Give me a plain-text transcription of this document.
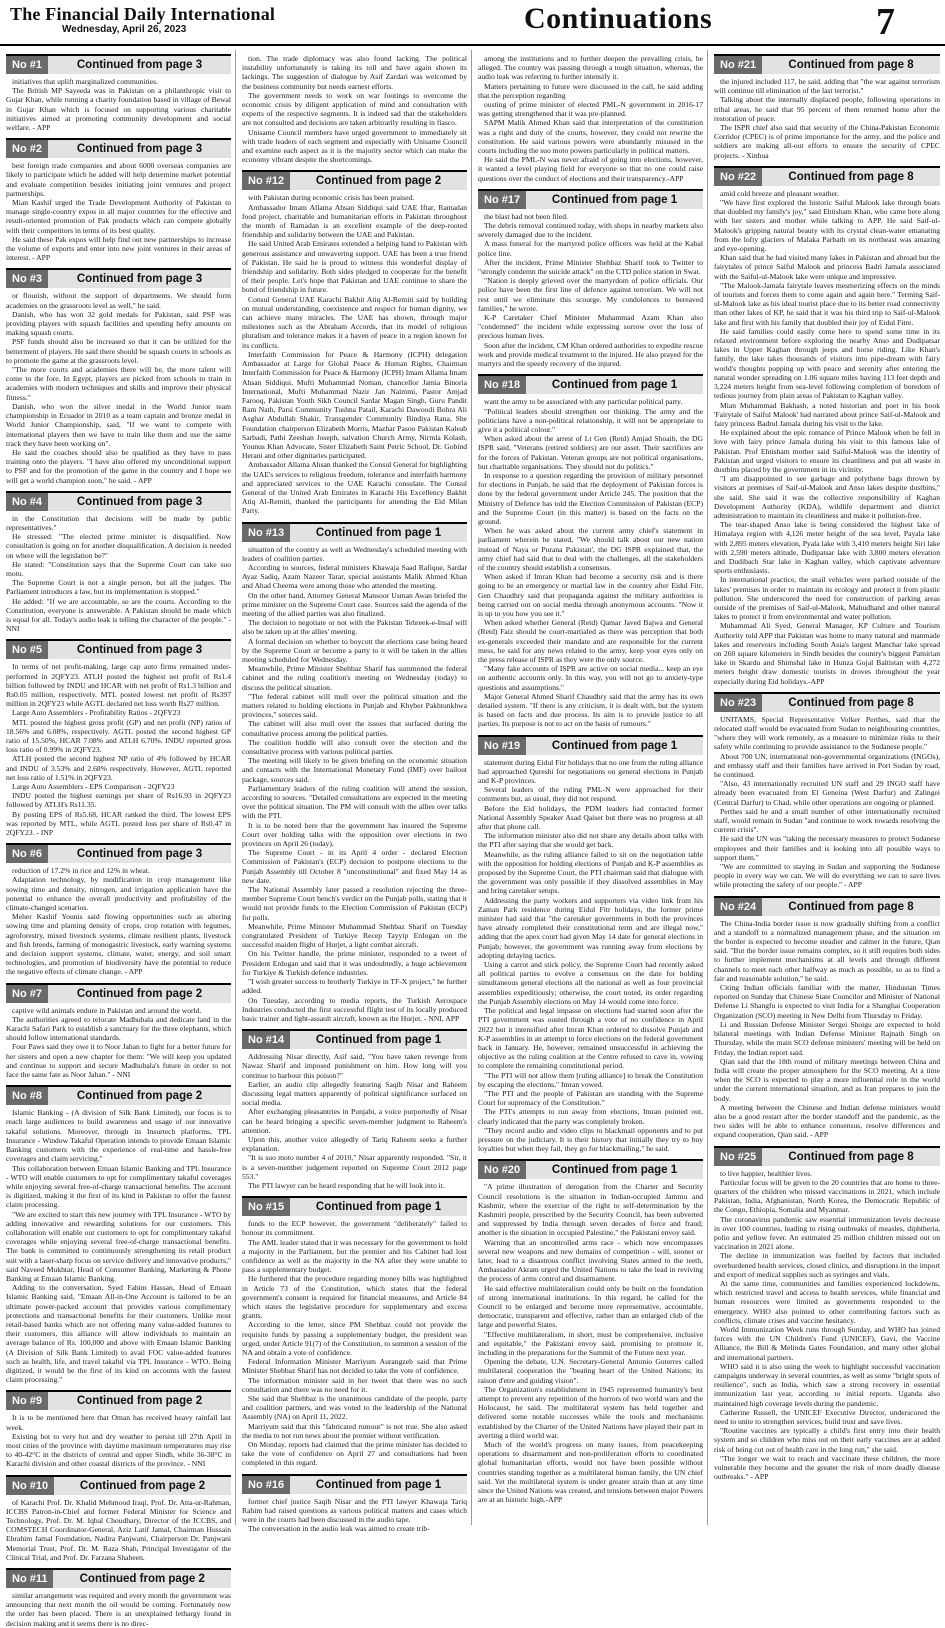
The Financial Daily International
Wednesday, April 26, 2023	Continuations	7
No #1	Continued from page 3

initiatives that uplift marginalized communities.

The British MP Sayeeda was in Pakistan on a philanthropic visit to Gujar Khan, while running a charity foundation based in village of Bewal in Gujar Khan which is focused on supporting various charitable initiatives aimed at promoting community development and social welfare. - APP

No #2	Continued from page 3

best foreign trade companies and about 6000 overseas companies are likely to participate which he added will help determine market potential and evaluate competition besides initiating joint ventures and project partnerships.

Mian Kashif urged the Trade Development Authority of Pakistan to manage single-country expos in all major countries for the effective and result-oriented promotion of Pak products which can compete globally with their competitors in terms of its best quality.

He said these Pak expos will help find out new partnerships to increase the volume of exports and enter into new joint ventures in their areas of interest. - APP

No #3	Continued from page 3

or flourish, without the support of departments. We should form academies on the grassroots level as well," he said.

Danish, who has won 32 gold medals for Pakistan, said PSF was providing players with squash facilities and spending hefty amounts on making squash courts.

PSF funds should also be increased so that it can be utilized for the betterment of players. He said there should be squash courts in schools as to promote the game at the grassroots level.

"The more courts and academies there will be, the more talent will come to the fore. In Egypt, players are picked from schools to train in academies with modern techniques and skills and improve their physical fitness."

Danish, who won the silver medal in the World Junior team championship in Ecuador in 2010 as a team captain and bronze medal in World Junior Championship, said, "If we want to compete with international players then we have to train like them and use the same track they have been working on".

He said the coaches should also be qualified as they have to pass training onto the players. "I have also offered my unconditional support to PSF and for the promotion of the game in the country and I hope we will get a world champion soon," he said. - APP

No #4	Continued from page 3

in the Constitution that decisions will be made by public representatives."

He stressed: "The elected prime minister is disqualified. Now consultation is going on for another disqualification. A decision is needed on where will the legislation be?"

He stated: "Constitution says that the Supreme Court can take suo motu.

The Supreme Court is not a single person, but all the judges. The Parliament introduces a law, but its implementation is stopped."

He added: "If we are accountable, so are the courts. According to the Constitution, everyone is answerable. A Pakistan should be made which is equal for all. Today's audio leak is telling the character of the people." - NNI

No #5	Continued from page 3

In terms of net profit-making, large cap auto firms remained under-performed in 2QFY23. ATLH posted the highest net profit of Rs1.4 billion followed by INDU and HCAR with net profit of Rs1.3 billion and Rs0.05 million, respectively. MTL posted lowest net profit of Rs397 million in 2QFY23 while AGTL declared net loss worth Rs27 million.

Large Auto Assemblers - Profitability Ratios - 2QFY23

MTL posted the highest gross profit (GP) and net profit (NP) ratios of 18.56% and 6.08%, respectively. AGTL posted the second highest GP ratio of 15.50%, HCAR 7.08% and ATLH 6.70%. INDU reported gross loss ratio of 0.99% in 2QFY23.

ATLH posted the second highest NP ratio of 4% followed by HCAR and INDU of 3.53% and 2.68% respectively. However, AGTL reported net loss ratio of 1.51% in 2QFY23.

Large Auto Assemblers - EPS Comparison - 2QFY23

INDU posted the highest earnings per share of Rs16.93 in 2QFY23 followed by ATLH's Rs11.35.

By posting EPS of Rs5.68, HCAR ranked the third. The lowest EPS was reported by MTL, while AGTL posted loss per share of Rs0.47 in 2QFY23. - INP

No #6	Continued from page 3

reduction of 17.2% in rice and 12% in wheat.

Adaptation technology, by modification in crop management like sowing time and density, nitrogen, and irrigation application have the potential to enhance the overall productivity and profitability of the climate-changed scenarios.

Meher Kashif Younis said flowing opportunities such as altering sowing time and planting density of crops, crop rotation with legumes, agroforestry, mixed livestock systems, climate resilient plants, livestock and fish breeds, farming of monogastric livestock, early warning systems and decision support systems, climate, water, energy, and soil smart technologies, and promotion of biodiversity have the potential to reduce the negative effects of climate change. - APP

No #7	Continued from page 2

captive wild animals endure in Pakistan and around the world.

The authorities agreed to relocate Madhubala and dedicate land in the Karachi Safari Park to establish a sanctuary for the three elephants, which should follow international standards.

Four Paws said they owe it to Noor Jahan to fight for a better future for her sisters and open a new chapter for them: "We will keep you updated and continue to support and secure Madhubala's future in order to not face the same fate as Noor Jahan." - NNI

No #8	Continued from page 2

Islamic Banking - (A division of Silk Bank Limited), our focus is to reach large audiences to build awareness and usage of our innovative takaful solutions. Moreover, through its Insurtech platforms, TPL Insurance - Window Takaful Operation intends to provide Emaan Islamic Banking customers with the experience of real-time and hassle-free coverages and claim servicing."

This collaboration between Emaan Islamic Banking and TPL Insurance - WTO will enable customers to opt for complimentary takaful coverages while enjoying several free-of-charge transactional benefits. The account is digitized, making it the first of its kind in Pakistan to offer the fastest claim processing.

"We are excited to start this new journey with TPL Insurance - WTO by adding innovative and rewarding solutions for our customers. This collaboration will enable our customers to opt for complimentary takaful coverages while enjoying several free-of-charge transactional benefits. The bank is committed to continuously strengthening its retail product suit with a laser-sharp focus on service delivery and innovative products," said Naveed Mukhtar, Head of Consumer Banking, Marketing & Phone Banking at Emaan Islamic Banking.

Adding to the conversation, Syed Fahim Hassan, Head of Emaan Islamic Banking said, "Emaan All-in-One Account is tailored to be an ultimate power-packed account that provides various complimentary protections and transactional benefits for their customers. Unlike most retail-based banks which are not offering many value-added features to their customers, this alliance will allow individuals to maintain an average balance of Rs. 100,000 and above with Emaan Islamic Banking (A Division of Silk Bank Limited) to avail FOC value-added features such as health, life, and travel takaful via TPL Insurance - WTO. Being digitized, it would be the first of its kind on accounts with the fastest claim processing."

No #9	Continued from page 2

It is to be mentioned here that Oman has received heavy rainfall last week.

Existing hot to very hot and dry weather to persist till 27th April in most cities of the province with daytime maximum temperatures may rise to 40-42°C in the districts of central and upper Sindh, while 36-38°C in Karachi division and other coastal districts of the province. - NNI

No #10	Continued from page 2

of Karachi Prof. Dr. Khalid Mehmood Iraqi, Prof. Dr. Atta-ur-Rahman, ICCBS Patron-in-Chief and former Federal Minister for Science and Technology, Prof. Dr. M. Iqbal Choudhary, Director of the ICCBS, and COMSTECH Coordinator-General, Aziz Latif Jamal, Chairman Hussain Ebrahim Jamal Foundation, Nadira Panjwani, Chairperson Dr. Panjwani Memorial Trust, Prof. Dr. M. Raza Shah, Principal Investigator of the Clinical Trial, and Prof. Dr. Farzana Shaheen.

No #11	Continued from page 2

similar arrangement was required and every month the government was announcing that next month the oil would be coming. Fortunately now the order has been placed. There is an unexplained lethargy found in decision making and it seems there is no direc-

tion. The trade diplomacy was also found lacking. The political instability unfortunately is taking its toll and have again shown its lackings. The suggestion of dialogue by Asif Zardari was welcomed by the business community but needs earnest efforts.

The government needs to work on war footings to overcome the economic crisis by diligent application of mind and consultation with experts of the respective segments. It is indeed sad that the stakeholders are not consulted and decisions are taken arbitrarily resulting in fiasco.

Unisame Council members have urged government to immediately sit with trade leaders of each segment and especially with Unisame Council and examine each aspect as it is the majority sector which can make the economy vibrant despite the shortcomings.

No #12	Continued from page 2

with Pakistan during economic crisis has been praised.

Ambassador Imam Allama Ahsan Siddiqui said UAE Iftar, Ramadan food project, charitable and humanitarian efforts in Pakistan throughout the month of Ramadan is an excellent example of the deep-rooted friendship and solidarity between the UAE and Pakistan.

He said United Arab Emirates extended a helping hand to Pakistan with generous assistance and unwavering support. UAE has been a true friend of Pakistan. He said he is proud to witness this wonderful display of friendship and solidarity. Both sides pledged to cooperate for the benefit of their people. Let's hope that Pakistan and UAE continue to share the bond of friendship in future.

Consul General UAE Karachi Bakhit Atiq Al-Remiti said by building on mutual understanding, coexistence and respect for human dignity, we can achieve many miracles. The UAE has shown, through major milestones such as the Abraham Accords, that its model of religious pluralism and tolerance makes it a haven of peace in a region known for its conflicts.

Interfaith Commission for Peace & Harmony (ICPH) delegation Ambassador at Large for Global Peace & Human Rights, Chairman Interfaith Commission for Peace & Harmony (ICPH) Imam Allama Imam Ahsan Siddiqui, Mufti Muhammad Noman, chancellor Jamia Binoria International, Mufti Muhammad Nazir Jan Naimmi, Pastor Amjad Farooq, Pakistan Youth Sikh Council Sardar Magan Singh, Guru Pandit Ram Nath, Parsi Community Tushna Patail, Karachi Dawoodi Bohra Ali Asghar Abdullah Shakir, Transgender Community Bindiya Rana, She Foundation chairperson Elizabeth Morris, Mazhar Pasoo Pakistan Kaleab Sarbadi, Pathi Zeeshan Joseph, salvation Church Army, Nirmla Kolash, Younus Khan Advocate, Sister Elizabeth Saint Petric School, Dr. Gobind Herani and other dignitaries participated.

Ambassador Allama Ahsan thanked the Consul General for highlighting the UAE's services to religious freedom, tolerance and interfaith harmony and appreciated services to the UAE Karachi consulate. The Consul General of the United Arab Emirates in Karachi His Excellency Bakhit Atiq Al-Remiti, thanked the participants for attending the Eid Milan Party.

No #13	Continued from page 1

situation of the country as well as Wednesday's scheduled meeting with leaders of coalition parties.

According to sources, federal ministers Khawaja Saad Rafique, Sardar Ayaz Sadiq, Azam Nazeer Tarar, special assistants Malik Ahmed Khan and Ahad Cheema were among those who attended the meeting.

On the other hand, Attorney General Mansoor Usman Awan briefed the prime minister on the Supreme Court case. Sources said the agenda of the meeting of the allied parties was also finalized.

The decision to negotiate or not with the Pakistan Tehreek-e-Insaf will also be taken up at the allies' meeting.

A formal decision on whether to boycott the elections case being heard by the Supreme Court or become a party to it will be taken in the allies meeting scheduled for Wednesday.

Meanwhile, Prime Minister Shehbaz Sharif has summoned the federal cabinet and the ruling coalition's meeting on Wednesday (today) to discuss the political situation.

"The federal cabinet will mull over the political situation and the matters related to holding elections in Punjab and Khyber Pakhtunkhwa provinces," sources said.

The cabinet will also mull over the issues that surfaced during the consultative process among the political parties.

The coalition huddle will also consult over the election and the consultative process with various political parties.

The meeting will likely to be given briefing on the economic situation and contacts with the International Monetary Fund (IMF) over bailout package, sources said.

Parliamentary leaders of the ruling coalition will attend the session, according to sources. "Detailed consultations are expected in the meeting over the political situation. The PM will consult with the allies over talks with the PTI.

It is to be noted here that the government has insured the Supreme Court over holding talks with the opposition over elections in two provinces on April 26 (today).

The Supreme Court - in its April 4 order - declared Election Commission of Pakistan's (ECP) decision to postpone elections to the Punjab Assembly till October 8 "unconstitutional" and fixed May 14 as new date.

The National Assembly later passed a resolution rejecting the three-member Supreme Court bench's verdict on the Punjab polls, stating that it would not provide funds to the Election Commission of Pakistan (ECP) for polls.

Meanwhile, Prime Minister Muhammad Shehbaz Sharif on Tuesday congratulated President of Turkiye Recep Tayyip Erdogan on the successful maiden flight of Hurjet, a light combat aircraft.

On his Twitter handle, the prime minister, responded to a tweet of President Erdogan and said that it was undoubtedly, a huge achievement for Turkiye & Turkish defence industries.

"I wish greater success to brotherly Turkiye in TF-X project," he further added.

On Tuesday, according to media reports, the Turkish Aerospace Industries conducted the first successful flight test of its locally produced basic trainer and light-assault aircraft, known as the Hurjet. - NNI, APP

No #14	Continued from page 1

Addressing Nisar directly, Asif said, "You have taken revenge from Nawaz Sharif and imposed punishment on him. How long will you continue to harbour this poison?"

Earlier, an audio clip allegedly featuring Saqib Nisar and Raheem discussing legal matters apparently of political significance surfaced on social media.

After exchanging pleasantries in Punjabi, a voice purportedly of Nisar can be heard bringing a specific seven-member judgment to Raheem's attention.

Upon this, another voice allegedly of Tariq Raheem seeks a further explanation.

"It is suo moto number 4 of 2010," Nisar apparently responded. "Sir, it is a seven-member judgement reported on Supreme Court 2012 page 553."

The PTI lawyer can be heard responding that he will look into it.

No #15	Continued from page 1

funds to the ECP however, the government "deliberately" failed to honour its commitment.

The AML leader stated that it was necessary for the government to hold a majority in the Parliament, but the premier and his Cabinet had lost confidence as well as the majority in the NA after they were unable to pass a supplementary budget.

He furthered that the procedure regarding money bills was highlighted in Article 73 of the Constitution, which states that the federal government's consent is required for financial measures, and Article 84 which states the legislative procedure for supplementary and excess grants.

According to the letter, since PM Shehbaz could not provide the requisite funds by passing a supplementary budget, the president was urged, under Article 91(7) of the Constitution, to summon a session of the NA and obtain a vote of confidence.

Federal Information Minister Marriyum Aurangzeb said that Prime Minister Shehbaz Sharif has not decided to take the vote of confidence.

The information minister said in her tweet that there was no such consultation and there was no need for it.

She said that Shehbaz is the unanimous candidate of the people, party and coalition partners, and was voted to the leadership of the National Assembly (NA) on April 11, 2022.

Marriyum said that this "fabricated rumour" is not true. She also asked the media to not run news about the premier without verification.

On Monday, reports had claimed that the prime minister has decided to take the vote of confidence on April 27 and consultations had been completed in this regard.

No #16	Continued from page 1

former chief justice Saqib Nisar and the PTI lawyer Khawaja Tariq Rahim had raised questions as various political matters and cases which were in the courts had been discussed in the audio tape.

The conversation in the audio leak was aimed to create trib-

among the institutions and to further deepen the prevailing crisis, he alleged. The country was passing through a tough situation, whereas, the audio leak was referring to further intensify it.

Matters pertaining to future were discussed in the call, he said adding that the perception regarding

ousting of prime minister of elected PML-N government in 2016-17 was getting strengthened that it was pre-planned.

SAPM Malik Ahmed Khan said that interpretation of the constitution was a right and duty of the courts, however, they could not rewrite the constitution. He said various powers were abundantly misused in the courts including the suo moto powers particularly in political matters.

He said the PML-N was never afraid of going into elections, however, it wanted a level playing field for everyone so that no one could raise questions over the conduct of elections and their transparency.-APP

No #17	Continued from page 1

the blast had not been filed.

The debris removal continued today, with shops in nearby markets also severely damaged due to the incident.

A mass funeral for the martyred police officers was held at the Kabal police line.

After the incident, Prime Minister Shehbaz Sharif took to Twitter to "strongly condemn the suicide attack" on the CTD police station in Swat.

"Nation is deeply grieved over the martyrdom of police officials. Our police have been the first line of defence against terrorism. We will not rest until we eliminate this scourge. My condolences to bereaved families," he wrote.

K-P Caretaker Chief Minister Muhammad Azam Khan also "condemned" the incident while expressing sorrow over the loss of precious human lives.

Soon after the incident, CM Khan ordered authorities to expedite rescue work and provide medical treatment to the injured. He also prayed for the martyrs and the speedy recovery of the injured.

No #18	Continued from page 1

want the army to be associated with any particular political party.

"Political leaders should strengthen our thinking. The army and the politicians have a non-political relationship, it will not be appropriate to give it a political colour."

When asked about the arrest of Lt Gen (Retd) Amjad Shoaib, the DG ISPR said, "Veterans (retired soldiers) are our asset. Their sacrifices are for the forces of Pakistan. Veteran groups are not political organisations, but charitable organisations. They should not do politics."

In response to a question regarding the provision of military personnel for elections in Punjab, he said that the deployment of Pakistan forces is done by the federal government under Article 245. The position that the Ministry of Defence has told the Election Commission of Pakistan (ECP) and the Supreme Court (in this matter) is based on the facts on the ground.

When he was asked about the current army chief's statement in parliament wherein he stated, "We should talk about our new nation instead of Naya or Purana Pakistan', the DG ISPR explained that, the army chief had said that to deal with the challenges, all the stakeholders of the country should establish a consensus.

When asked if Imran Khan had become a security risk and is there going to be an emergency or martial law in the country after Eidul Fitr, Gen Chaudhry said that propaganda against the military authorities is being carried out on social media through anonymous accounts. "Now it is up to you how you see it."

When asked whether General (Retd) Qamar Javed Bajwa and General (Retd) Faiz should be court-martialed as there was perception that both ex-generals exceeded their mandate and are responsible for the current mess, he said for any news related to the army, keep your eyes only on the press release of ISPR as they were the only source.

"Many fake accounts of ISPR are active on social media... keep an eye on authentic accounts only. In this way, you will not go to anxiety-type questions and assumptions."

Major General Ahmed Sharif Chaudhry said that the army has its own detailed system. "If there is any criticism, it is dealt with, but the system is based on facts and due process. Its aim is to provide justice to all parties. Its purpose is not to act on the basis of rumours."

No #19	Continued from page 1

statement during Eidul Fitr holidays that no one from the ruling alliance had approached Qureshi for negotiations on general elections in Punjab and K-P provinces.

Several leaders of the ruling PML-N were approached for their comments but, as usual, they did not respond.

Before the Eid holidays, the PDM leaders had contacted former National Assembly Speaker Asad Qaiser but there was no progress at all after that phone call.

The information minister also did not share any details about talks with the PTI after saying that she would get back.

Meanwhile, as the ruling alliance failed to sit on the negotiation table with the opposition for holding elections of Punjab and K-P assemblies as proposed by the Supreme Court, the PTI chairman said that dialogue with the government was only possible if they dissolved assemblies in May and bring caretaker setups.

Addressing the party workers and supporters via video link from his Zaman Park residence during Eidul Fitr holidays, the former prime minister had said that "the caretaker governments in both the provinces have already completed their constitutional term and are illegal now," adding that the apex court had given May 14 date for general elections in Punjab; however, the government was running away from elections by adopting delaying tactics.

Using a carrot and stick policy, the Supreme Court had recently asked all political parties to evolve a consensus on the date for holding simultaneous general elections all the national as well as four provincial assemblies expeditiously; otherwise, the court noted, its order regarding the Punjab Assembly elections on May 14 would come into force.

The political and legal impasse on elections had started soon after the PTI government was ousted through a vote of no confidence in April 2022 but it intensified after Imran Khan ordered to dissolve Punjab and K-P assemblies in an attempt to force elections on the federal government back in January. He, however, remained unsuccessful in achieving the objective as the ruling coalition at the Centre refused to cave in, vowing to complete the remaining constitutional period.

"The PTI will not allow them [ruling alliance] to break the Constitution by escaping the elections," Imran vowed.

"The PTI and the people of Pakistan are standing with the Supreme Court for supremacy of the Constitution."

The PTI's attempts to run away from elections, Imran pointed out, clearly indicated that the party was completely broken.

"They record audio and video clips to blackmail opponents and to put pressure on the judiciary. It is their history that initially they try to buy loyalties but when they fail, they go for blackmailing," he said.

No #20	Continued from page 1

"A prime illustration of derogation from the Charter and Security Council resolutions is the situation in Indian-occupied Jammu and Kashmir, where the exercise of the right to self-determination by the Kashmiri people, prescribed by the Security Council, has been subverted and suppressed by India through seven decades of force and fraud; another is the situation in occupied Palestine," the Pakistani envoy said.

Warning that an uncontrolled arms race - which now encompasses several new weapons and new domains of competition - will, sooner or later, lead to a disastrous conflict involving States armed to the teeth, Ambassador Akram urged the United Nations to take the lead in reviving the process of arms control and disarmament.

He said effective multilateralism could only be built on the foundation of strong international institutions. In this regard, he called for the Council to be enlarged and become more representative, accountable, democratic, transparent and effective, rather than an enlarged club of the large and powerful States.

"Effective multilateralism, in short, must be comprehensive, inclusive and equitable," the Pakistani envoy said, promising to promote it, including in the preparations for the Summit of the Future next year.

Opening the debate, U.N. Secretary-General Antonio Guterres called multilateral cooperation the "beating heart of the United Nations; its raison d'etre and guiding vision".

The Organization's establishment in 1945 represented humanity's best attempt to prevent any repetition of the horrors of two world wars and the Holocaust, he said. The multilateral system has held together and delivered some notable successes while the tools and mechanisms established by the Charter of the United Nations have played their part in averting a third world war.

Much of the world's progress on many issues, from peacekeeping operations to disarmament and non-proliferation efforts to coordinated global humanitarian efforts, would not have been possible without countries standing together as a multilateral human family, the UN chief said. Yet the multilateral system is under greater strain than at any time since the United Nations was created, and tensions between major Powers are at an historic high.-APP

No #21	Continued from page 8

the injured included 117, he said, adding that "the war against terrorism will continue till elimination of the last terrorist."

Talking about the internally displaced people, following operations in tribal areas, he said that 95 percent of them returned home after the restoration of peace.

The ISPR chief also said that security of the China-Pakistan Economic Corridor (CPEC) is of prime importance for the army, and the police and soldiers are making all-out efforts to ensure the security of CPEC projects. - Xinhua

No #22	Continued from page 8

amid cold breeze and pleasant weather.

"We have first explored the historic Saiful Malook lake through boats that doubled my family's joy," said Ehtisham Khan, who came here along with her sisters and mother while talking to APP. He said Saif-ul-Malook's gripping natural beauty with its crystal clean-water emanating from the lofty glaciers of Malaka Parbath on its northeast was amazing and eye-opening.

Khan said that he had visited many lakes in Pakistan and abroad but the fairytales of prince Saiful Malook and princess Badri Jamala associated with the Saiful-ul-Malook lake were unique and impressive.

"The Malook-Jamala fairytale leaves mesmerizing effects on the minds of tourists and forces them to come again and again here." Terming Saif-ul-Malook lake as his ideal tourist place due to its better road connectivity than other lakes of KP, he said that it was his third trip to Saif-ul-Malook lake and first with his family that doubled their joy of Eidul Fitre.

He said families could easily come here to spend some time in its relaxed environment before exploring the nearby Anso and Dudipatsar lakes in Upper Kaghan through jeeps and horse riding. Like Khan's family, the lake takes thousands of visitors into pipe-dream with fairy world's thoughts popping up with peace and serenity after entering the natural wonder spreading on 1.06 square miles having 113 feet depth and 3,224 meters height from sea-level following completion of boredom of tedious journey from plain areas of Pakistan to Kaghan valley.

Mian Muhammad Bakhash, a noted historian and poet in his book 'Fairytale of Saiful Malook' had narrated about prince Saif-ul-Malook and fairy princess Badrul Jamala during his visit to the lake.

He explained about the epic romance of Prince Malook when he fell in love with fairy prince Jamala during his visit to this famous lake of Pakistan. Prof Ehtisham mother said Saiful-Malook was the identity of Pakistan and urged visitors to ensure its cleanliness and put all waste in dustbins placed by the government in its vicinity.

"I am disappointed to see garbage and polythene bags thrown by visitors at premises of Saif-ul-Malook and Anso lakes despite dustbins," she said. She said it was the collective responsibility of Kaghan Development Authority (KDA), wildlife department and district administration to maintain its cleanliness and make it pollution-free.

The tear-shaped Anso lake is being considered the highest lake of Himalaya region with 4,126 meter height of the sea level, Payala lake with 2,895 meters elevation, Pyala lake with 3,410 meters height Siri lake with 2,590 meters altitude, Dudipatsar lake with 3,800 meters elevation and Dudibach Star lake in Kaghan valley, which captivate adventure sports enthusiasts.

In international practice, the snail vehicles were parked outside of the lakes' premises in order to maintain its ecology and protect it from plastic pollution. She underscored the need for construction of parking areas outside of the premises of Saif-ul-Malook, Mahudhand and other natural lakes to protect it from environmental and water pollution.

Muhammad Ali Syed, General Manager, KP Culture and Tourism Authority told APP that Pakistan was home to many natural and manmade lakes and reservoirs including South Asia's largest Manchar lake spread on 260 square kilometers in Sindh besides the country's biggest Pamirian lake in Skardu and Shimshal lake in Hunza Gojal Baltistan with 4,272 meters height draw domestic tourists in droves throughout the year especially during Eid holidays.-APP

No #23	Continued from page 8

UNITAMS, Special Representative Volker Perthes, said that the relocated staff would be evacuated from Sudan to neighbouring countries, "where they will work remotely, as a measure to minimize risks to their safety while continuing to provide assistance to the Sudanese people."

About 700 UN, international non-governmental organizations (INGOs), and embassy staff and their families have arrived in Port Sudan by road, he continued.

"Also, 43 internationally recruited UN staff and 29 INGO staff have already been evacuated from El Geneina (West Darfur) and Zalingei (Central Darfur) to Chad, while other operations are ongoing or planned.

Perthes said he and a small number of other internationally recruited staff, would remain in Sudan "and continue to work towards resolving the current crisis".

He said the UN was "taking the necessary measures to protect Sudanese employees and their families and is looking into all possible ways to support them."

"We are committed to staying in Sudan and supporting the Sudanese people in every way we can. We will do everything we can to save lives while protecting the safety of our people." - APP

No #24	Continued from page 8

The China-India border issue is now gradually shifting from a conflict and a standoff to a normalized management phase, and the situation on the border is expected to become steadier and calmer in the future, Qian said. "But the border issue remains complex, so it still requires both sides to further implement mechanisms at all levels and through different channels to meet each other halfway as much as possible, so as to find a fair and reasonable solution," he said.

Citing Indian officials familiar with the matter, Hindustan Times reported on Sunday that Chinese State Councilor and Minister of National Defense Li Shangfu is expected to visit India for a Shanghai Cooperation Organization (SCO) meeting in New Delhi from Thursday to Friday.

Li and Russian Defense Minister Sergei Shoigu are expected to hold bilateral meetings with Indian Defense Minister Rajnath Singh on Thursday, while the main SCO defense ministers' meeting will be held on Friday, the Indian report said.

Qian said that the 18th round of military meetings between China and India will create the proper atmosphere for the SCO meeting. At a time when the SCO is expected to play a more influential role in the world under the current international situation, and as Iran prepares to join the body.

A meeting between the Chinese and Indian defense ministers would also be a good restart after the border standoff and the pandemic, as the two sides will be able to enhance consensus, resolve differences and expand cooperation, Qian said. - APP

No #25	Continued from page 8

to live happier, healthier lives.

Particular focus will be given to the 20 countries that are home to three-quarters of the children who missed vaccinations in 2021, which include Pakistan, India, Afghanistan, North Korea, the Democratic Republic of the Congo, Ethiopia, Somalia and Myanmar.

The coronavirus pandemic saw essential immunization levels decrease in over 100 countries, leading to rising outbreaks of measles, diphtheria, polio and yellow fever. An estimated 25 million children missed out on vaccination in 2021 alone.

The decline in immunization was fuelled by factors that included overburdened health services, closed clinics, and disruptions in the import and export of medical supplies such as syringes and vials.

At the same time, communities and families experienced lockdowns, which restricted travel and access to health services, while financial and human resources were limited as governments responded to the emergency. WHO also pointed to other contributing factors such as conflicts, climate crises and vaccine hesitancy.

World Immunization Week runs through Sunday, and WHO has joined forces with the UN Children's Fund (UNICEF), Gavi, the Vaccine Alliance, the Bill & Melinda Gates Foundation, and many other global and international partners.

WHO said it is also using the week to highlight successful vaccination campaigns underway in several countries, as well as some "bright spots of resilience", such as India, which saw a strong recovery in essential immunization last year, according to initial reports. Uganda also maintained high coverage levels during the pandemic.

Catherine Russell, the UNICEF Executive Director, underscored the need to unite to strengthen services, build trust and save lives.

"Routine vaccines are typically a child's first entry into their health system and so children who miss out on their early vaccines are at added risk of being cut out of health care in the long run," she said.

"The longer we wait to reach and vaccinate these children, the more vulnerable they become and the greater the risk of more deadly disease outbreaks." - APP
